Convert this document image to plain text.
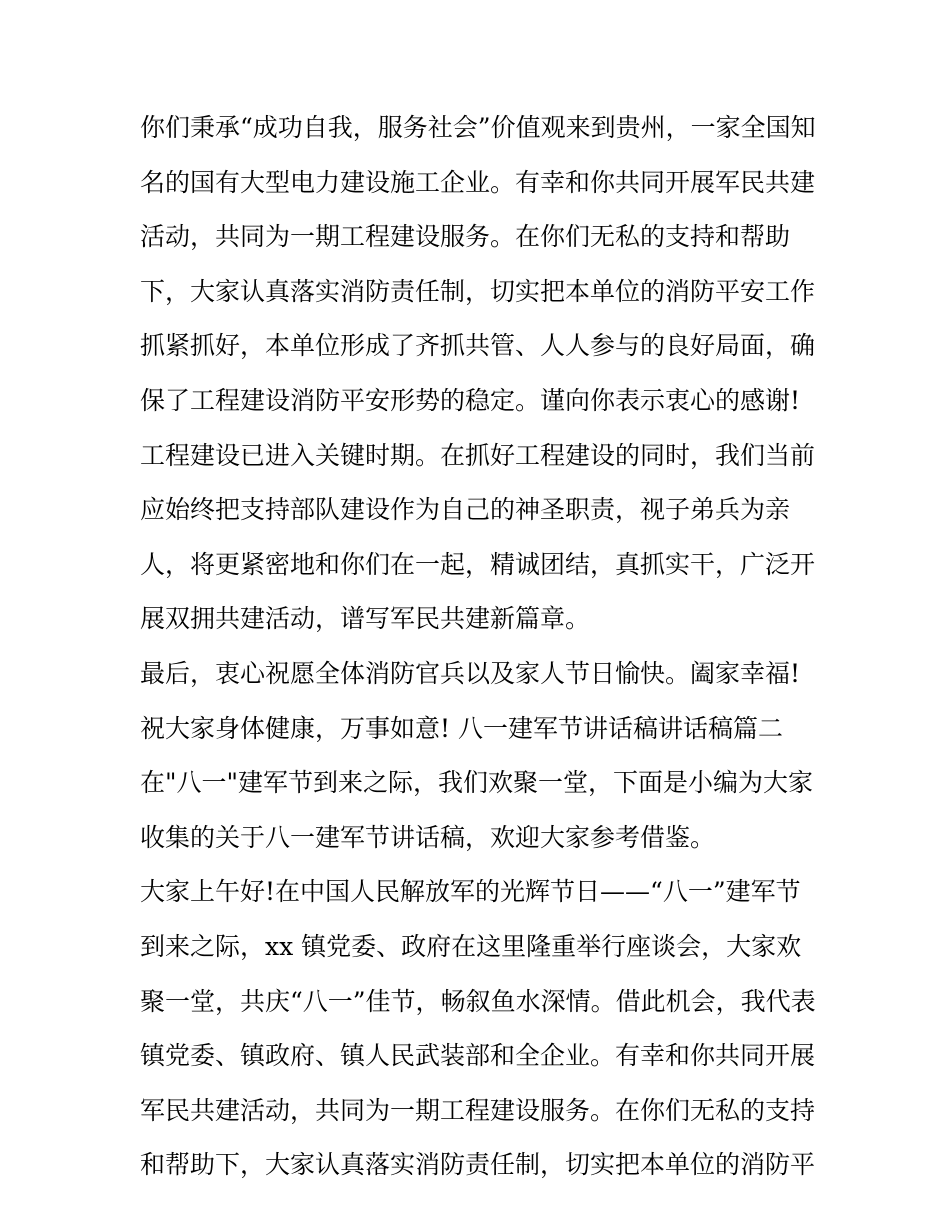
你们秉承“成功自我，服务社会”价值观来到贵州，一家全国知
名的国有大型电力建设施工企业。有幸和你共同开展军民共建
活动，共同为一期工程建设服务。在你们无私的支持和帮助
下，大家认真落实消防责任制，切实把本单位的消防平安工作
抓紧抓好，本单位形成了齐抓共管、人人参与的良好局面，确
保了工程建设消防平安形势的稳定。谨向你表示衷心的感谢!
工程建设已进入关键时期。在抓好工程建设的同时，我们当前
应始终把支持部队建设作为自己的神圣职责，视子弟兵为亲
人，将更紧密地和你们在一起，精诚团结，真抓实干，广泛开
展双拥共建活动，谱写军民共建新篇章。
最后，衷心祝愿全体消防官兵以及家人节日愉快。阖家幸福!
祝大家身体健康，万事如意! 八一建军节讲话稿讲话稿篇二
在"八一"建军节到来之际，我们欢聚一堂，下面是小编为大家
收集的关于八一建军节讲话稿，欢迎大家参考借鉴。
大家上午好!在中国人民解放军的光辉节日——“八一”建军节
到来之际，xx 镇党委、政府在这里隆重举行座谈会，大家欢
聚一堂，共庆“八一”佳节，畅叙鱼水深情。借此机会，我代表
镇党委、镇政府、镇人民武装部和全企业。有幸和你共同开展
军民共建活动，共同为一期工程建设服务。在你们无私的支持
和帮助下，大家认真落实消防责任制，切实把本单位的消防平
